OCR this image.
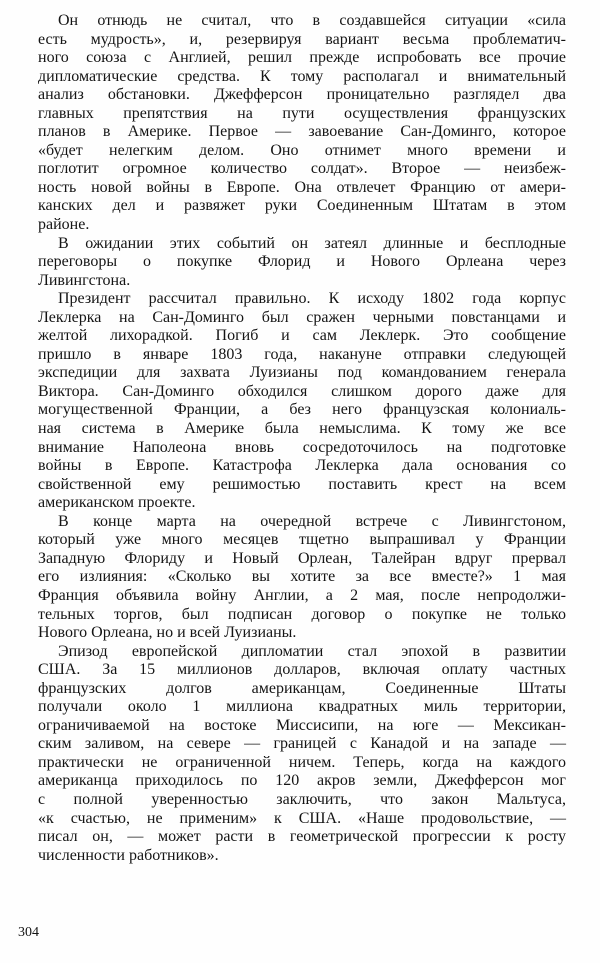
Он отнюдь не считал, что в создавшейся ситуации «сила
есть мудрость», и, резервируя вариант весьма проблематич-
ного союза с Англией, решил прежде испробовать все прочие
дипломатические средства. К тому располагал и внимательный
анализ обстановки. Джефферсон проницательно разглядел два
главных препятствия на пути осуществления французских
планов в Америке. Первое — завоевание Сан-Доминго, которое
«будет нелегким делом. Оно отнимет много времени и
поглотит огромное количество солдат». Второе — неизбеж-
ность новой войны в Европе. Она отвлечет Францию от амери-
канских дел и развяжет руки Соединенным Штатам в этом
районе.

В ожидании этих событий он затеял длинные и бесплодные
переговоры о покупке Флорид и Нового Орлеана через
Ливингстона.

Президент рассчитал правильно. К исходу 1802 года корпус
Леклерка на Сан-Доминго был сражен черными повстанцами и
желтой лихорадкой. Погиб и сам Леклерк. Это сообщение
пришло в январе 1803 года, накануне отправки следующей
экспедиции для захвата Луизианы под командованием генерала
Виктора. Сан-Доминго обходился слишком дорого даже для
могущественной Франции, а без него французская колониаль-
ная система в Америке была немыслима. К тому же все
внимание Наполеона вновь сосредоточилось на подготовке
войны в Европе. Катастрофа Леклерка дала основания со
свойственной ему решимостью поставить крест на всем
американском проекте.

В конце марта на очередной встрече с Ливингстоном,
который уже много месяцев тщетно выпрашивал у Франции
Западную Флориду и Новый Орлеан, Талейран вдруг прервал
его излияния: «Сколько вы хотите за все вместе?» 1 мая
Франция объявила войну Англии, а 2 мая, после непродолжи-
тельных торгов, был подписан договор о покупке не только
Нового Орлеана, но и всей Луизианы.

Эпизод европейской дипломатии стал эпохой в развитии
США. За 15 миллионов долларов, включая оплату частных
французских долгов американцам, Соединенные Штаты
получали около 1 миллиона квадратных миль территории,
ограничиваемой на востоке Миссисипи, на юге — Мексикан-
ским заливом, на севере — границей с Канадой и на западе —
практически не ограниченной ничем. Теперь, когда на каждого
американца приходилось по 120 акров земли, Джефферсон мог
с полной уверенностью заключить, что закон Мальтуса,
«к счастью, не применим» к США. «Наше продовольствие, —
писал он, — может расти в геометрической прогрессии к росту
численности работников».

304
